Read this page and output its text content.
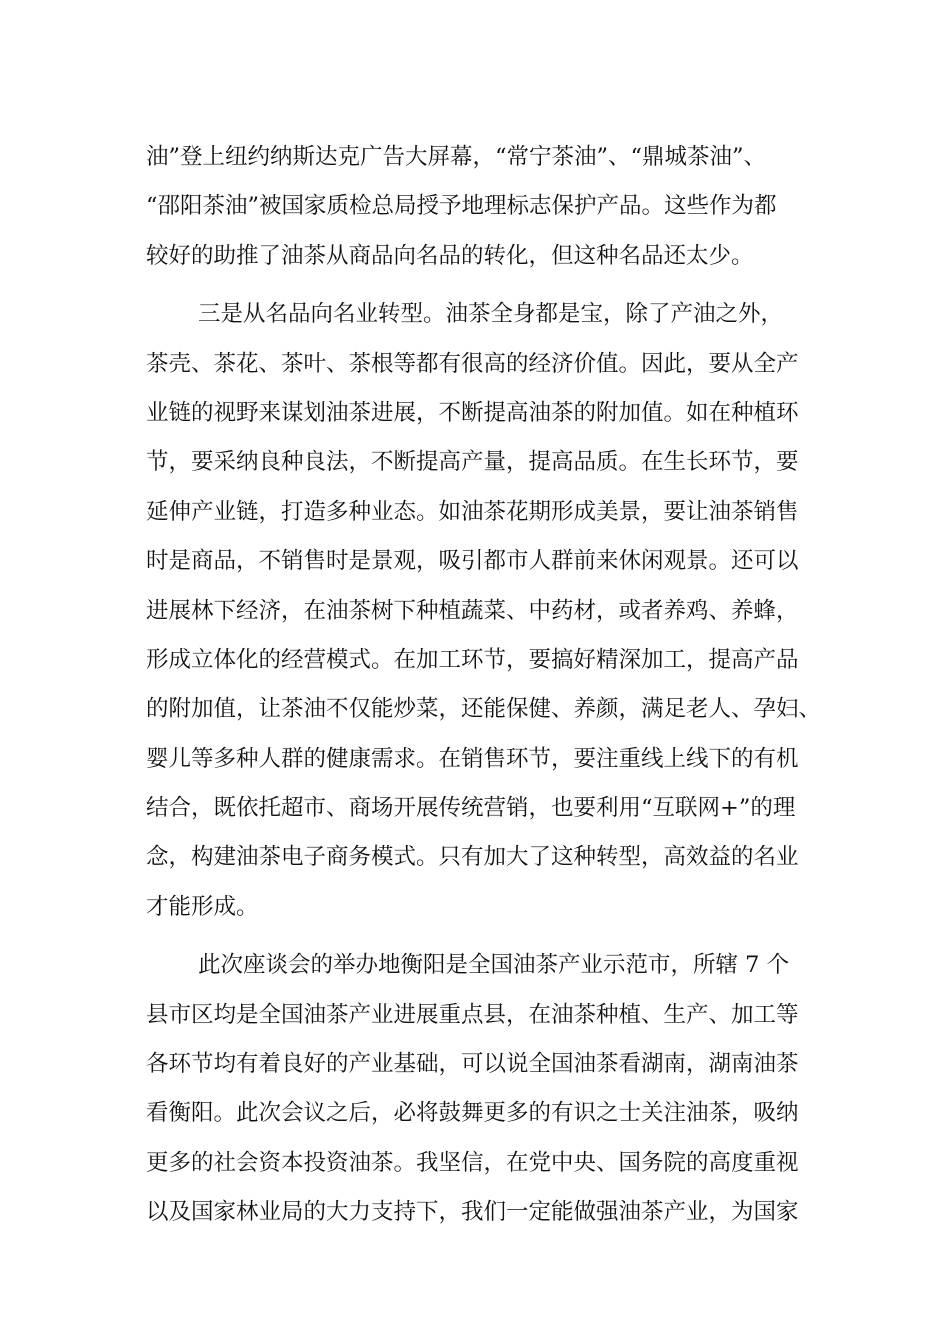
油”登上纽约纳斯达克广告大屏幕，“常宁茶油”、“鼎城茶油”、
“邵阳茶油”被国家质检总局授予地理标志保护产品。这些作为都
较好的助推了油茶从商品向名品的转化，但这种名品还太少。
三是从名品向名业转型。油茶全身都是宝，除了产油之外，
茶壳、茶花、茶叶、茶根等都有很高的经济价值。因此，要从全产
业链的视野来谋划油茶进展，不断提高油茶的附加值。如在种植环
节，要采纳良种良法，不断提高产量，提高品质。在生长环节，要
延伸产业链，打造多种业态。如油茶花期形成美景，要让油茶销售
时是商品，不销售时是景观，吸引都市人群前来休闲观景。还可以
进展林下经济，在油茶树下种植蔬菜、中药材，或者养鸡、养蜂，
形成立体化的经营模式。在加工环节，要搞好精深加工，提高产品
的附加值，让茶油不仅能炒菜，还能保健、养颜，满足老人、孕妇、
婴儿等多种人群的健康需求。在销售环节，要注重线上线下的有机
结合，既依托超市、商场开展传统营销，也要利用“互联网+”的理
念，构建油茶电子商务模式。只有加大了这种转型，高效益的名业
才能形成。
此次座谈会的举办地衡阳是全国油茶产业示范市，所辖 7 个
县市区均是全国油茶产业进展重点县，在油茶种植、生产、加工等
各环节均有着良好的产业基础，可以说全国油茶看湖南，湖南油茶
看衡阳。此次会议之后，必将鼓舞更多的有识之士关注油茶，吸纳
更多的社会资本投资油茶。我坚信，在党中央、国务院的高度重视
以及国家林业局的大力支持下，我们一定能做强油茶产业，为国家
